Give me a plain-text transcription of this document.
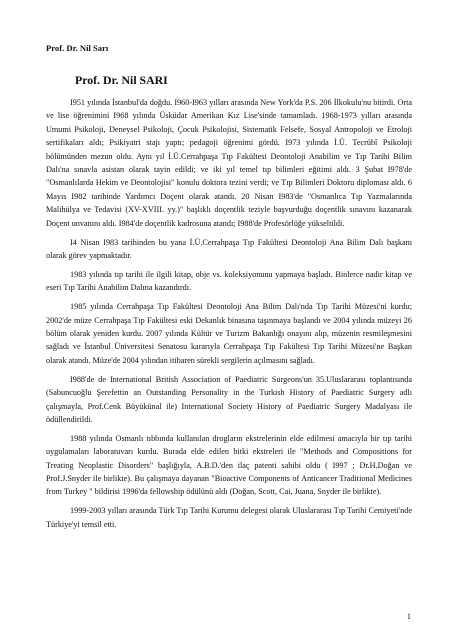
Prof. Dr. Nil Sarı
Prof. Dr. Nil SARI

I951 yılında İstanbul'da doğdu. I960-I963 yılları arasında New York'da P.S. 206 İlkokulu'nu bitirdi. Orta ve lise öğrenimini I968 yılında Üsküdar Amerikan Kız Lise'sinde tamamladı. 1968-1973 yılları arasında Umumi Psikoloji, Deneysel Psikoloji, Çocuk Psikolojisi, Sistematik Felsefe, Sosyal Antropoloji ve Etroloji sertifikaları aldı; Psikiyatri stajı yaptı; pedagoji öğrenimi gördü. I973 yılında İ.Ü. Tecrübî Psikoloji bölümünden mezun oldu. Aynı yıl İ.Ü.Cerrahpaşa Tıp Fakültesi Deontoloji Anabilim ve Tıp Tarihi Bilim Dalı'na sınavla asistan olarak tayin edildi; ve iki yıl temel tıp bilimleri eğitimi aldı. 3 Şubat I978'de "Osmanlılarda Hekim ve Deontolojisi" konulu doktora tezini verdi; ve Tıp Bilimleri Doktoru diploması aldı. 6 Mayıs I982 tarihinde Yardımcı Doçent olarak atandı. 20 Nisan I983'de "Osmanlıca Tıp Yazmalarında Malihülya ve Tedavisi (XV-XVIII. yy.)" başlıklı doçentlik teziyle başvurduğu doçentlik sınavını kazanarak Doçent unvanını aldı. I984'de doçentlik kadrosuna atandı; I988'de Profesörlüğe yükseltildi.

I4 Nisan I983 tarihinden bu yana İ.Ü.Cerrahpaşa Tıp Fakültesi Deontoloji Ana Bilim Dalı başkanı olarak görev yapmaktadır.

1983 yılında tıp tarihi ile ilgili kitap, obje vs. koleksiyonunu yapmaya başladı. Binlerce nadir kitap ve eseri Tıp Tarihi Anabilim Dalına kazandırdı.

1985 yılında Cerrahpaşa Tıp Fakültesi Deontoloji Ana Bilim Dalı'nda Tıp Tarihi Müzesi'ni kurdu; 2002'de müze Cerrahpaşa Tıp Fakültesi eski Dekanlık binasına taşınmaya başlandı ve 2004 yılında müzeyi 26 bölüm olarak yeniden kurdu. 2007 yılında Kültür ve Turizm Bakanlığı onayını alıp, müzenin resmileşmesini sağladı ve İstanbul Üniversitesi Senatosu kararıyla Cerrahpaşa Tıp Fakültesi Tıp Tarihi Müzesi'ne Başkan olarak atandı. Müze'de 2004 yılından itibaren sürekli sergilerin açılmasını sağladı.

I988'de de International British Association of Paediatric Surgeons'un 35.Uluslararası toplantısında (Sabuncuoğlu Şerefettin an Outstanding Personality in the Turkish History of Paediatric Surgery adlı çalışmayla, Prof.Cenk Büyükünal ile) International Society History of Paediatric Surgery Madalyası ile ödüllendirildi.

1988 yılında Osmanlı tıbbında kullanılan drogların ekstrelerinin elde edilmesi amacıyla bir tıp tarihi uygulamaları laboratuvarı kurdu. Burada elde edilen bitki ekstreleri ile "Methods and Compositions for Treating Neoplastic Disorders" başlığıyla, A.B.D.'den ilaç patenti sahibi oldu ( I997 ; Dr.H.Doğan ve Prof.J.Snyder ile birlikte). Bu çalışmaya dayanan "Bioactive Components of Anticancer Traditional Medicines from Turkey " bildirisi 1996'da fellowship ödülünü aldı (Doğan, Scott, Cai, Juana, Snyder ile birlikte).

1999-2003 yılları arasında Türk Tıp Tarihi Kurumu delegesi olarak Uluslararası Tıp Tarihi Cemiyeti'nde Türkiye'yi temsil etti.

1
